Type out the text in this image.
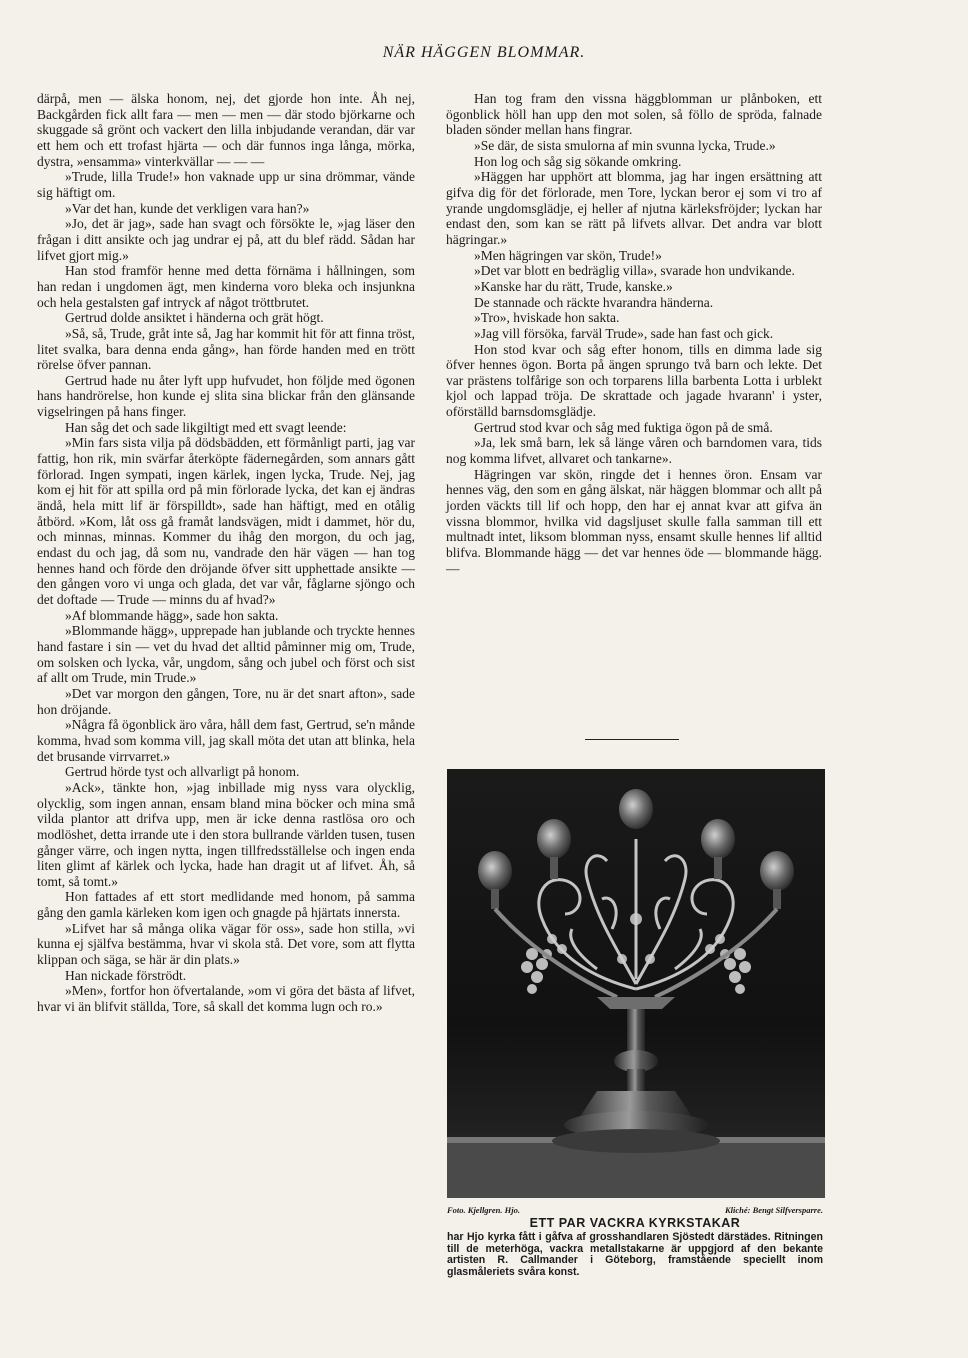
NÄR HÄGGEN BLOMMAR.

därpå, men — älska honom, nej, det gjorde hon inte. Åh nej, Backgården fick allt fara — men — men — där stodo björkarne och skuggade så grönt och vackert den lilla inbjudande verandan, där var ett hem och ett trofast hjärta — och där funnos inga långa, mörka, dystra, »ensamma» vinterkvällar — — —

»Trude, lilla Trude!» hon vaknade upp ur sina drömmar, vände sig häftigt om.

»Var det han, kunde det verkligen vara han?»

»Jo, det är jag», sade han svagt och försökte le, »jag läser den frågan i ditt ansikte och jag undrar ej på, att du blef rädd. Sådan har lifvet gjort mig.»

Han stod framför henne med detta förnäma i hållningen, som han redan i ungdomen ägt, men kinderna voro bleka och insjunkna och hela gestalsten gaf intryck af något tröttbrutet.

Gertrud dolde ansiktet i händerna och grät högt.

»Så, så, Trude, gråt inte så, Jag har kommit hit för att finna tröst, litet svalka, bara denna enda gång», han förde handen med en trött rörelse öfver pannan.

Gertrud hade nu åter lyft upp hufvudet, hon följde med ögonen hans handrörelse, hon kunde ej slita sina blickar från den glänsande vigselringen på hans finger.

Han såg det och sade likgiltigt med ett svagt leende:

»Min fars sista vilja på dödsbädden, ett förmånligt parti, jag var fattig, hon rik, min svärfar återköpte fädernegården, som annars gått förlorad. Ingen sympati, ingen kärlek, ingen lycka, Trude. Nej, jag kom ej hit för att spilla ord på min förlorade lycka, det kan ej ändras ändå, hela mitt lif är förspilldt», sade han häftigt, med en otålig åtbörd. »Kom, låt oss gå framåt landsvägen, midt i dammet, hör du, och minnas, minnas. Kommer du ihåg den morgon, du och jag, endast du och jag, då som nu, vandrade den här vägen — han tog hennes hand och förde den dröjande öfver sitt upphettade ansikte — den gången voro vi unga och glada, det var vår, fåglarne sjöngo och det doftade — Trude — minns du af hvad?»

»Af blommande hägg», sade hon sakta.

»Blommande hägg», upprepade han jublande och tryckte hennes hand fastare i sin — vet du hvad det alltid påminner mig om, Trude, om solsken och lycka, vår, ungdom, sång och jubel och först och sist af allt om Trude, min Trude.»

»Det var morgon den gången, Tore, nu är det snart afton», sade hon dröjande.

»Några få ögonblick äro våra, håll dem fast, Gertrud, se'n månde komma, hvad som komma vill, jag skall möta det utan att blinka, hela det brusande virrvarret.»

Gertrud hörde tyst och allvarligt på honom.

»Ack», tänkte hon, »jag inbillade mig nyss vara olycklig, olycklig, som ingen annan, ensam bland mina böcker och mina små vilda plantor att drifva upp, men är icke denna rastlösa oro och modlöshet, detta irrande ute i den stora bullrande världen tusen, tusen gånger värre, och ingen nytta, ingen tillfredsställelse och ingen enda liten glimt af kärlek och lycka, hade han dragit ut af lifvet. Åh, så tomt, så tomt.»

Hon fattades af ett stort medlidande med honom, på samma gång den gamla kärleken kom igen och gnagde på hjärtats innersta.

»Lifvet har så många olika vägar för oss», sade hon stilla, »vi kunna ej själfva bestämma, hvar vi skola stå. Det vore, som att flytta klippan och säga, se här är din plats.»

Han nickade förströdt.

»Men», fortfor hon öfvertalande, »om vi göra det bästa af lifvet, hvar vi än blifvit ställda, Tore, så skall det komma lugn och ro.»

Han tog fram den vissna häggblomman ur plånboken, ett ögonblick höll han upp den mot solen, så föllo de spröda, falnade bladen sönder mellan hans fingrar.

»Se där, de sista smulorna af min svunna lycka, Trude.»

Hon log och såg sig sökande omkring.

»Häggen har upphört att blomma, jag har ingen ersättning att gifva dig för det förlorade, men Tore, lyckan beror ej som vi tro af yrande ungdomsglädje, ej heller af njutna kärleksfröjder; lyckan har endast den, som kan se rätt på lifvets allvar. Det andra var blott hägringar.»

»Men hägringen var skön, Trude!»

»Det var blott en bedräglig villa», svarade hon undvikande.

»Kanske har du rätt, Trude, kanske.»

De stannade och räckte hvarandra händerna.

»Tro», hviskade hon sakta.

»Jag vill försöka, farväl Trude», sade han fast och gick.

Hon stod kvar och såg efter honom, tills en dimma lade sig öfver hennes ögon. Borta på ängen sprungo två barn och lekte. Det var prästens tolfårige son och torparens lilla barbenta Lotta i urblekt kjol och lappad tröja. De skrattade och jagade hvarann' i yster, oförställd barnsdomsglädje.

Gertrud stod kvar och såg med fuktiga ögon på de små.

»Ja, lek små barn, lek så länge våren och barndomen vara, tids nog komma lifvet, allvaret och tankarne».

Hägringen var skön, ringde det i hennes öron. Ensam var hennes väg, den som en gång älskat, när häggen blommar och allt på jorden väckts till lif och hopp, den har ej annat kvar att gifva än vissna blommor, hvilka vid dagsljuset skulle falla samman till ett multnadt intet, liksom blomman nyss, ensamt skulle hennes lif alltid blifva. Blommande hägg — det var hennes öde — blommande hägg. —

Foto. Kjellgren. Hjo.	Kliché: Bengt Silfversparre.
ETT PAR VACKRA KYRKSTAKAR
har Hjo kyrka fått i gåfva af grosshandlaren Sjöstedt därstädes. Ritningen till de meterhöga, vackra metallstakarne är uppgjord af den bekante artisten R. Callmander i Göteborg, framstående speciellt inom glasmåleriets svåra konst.
